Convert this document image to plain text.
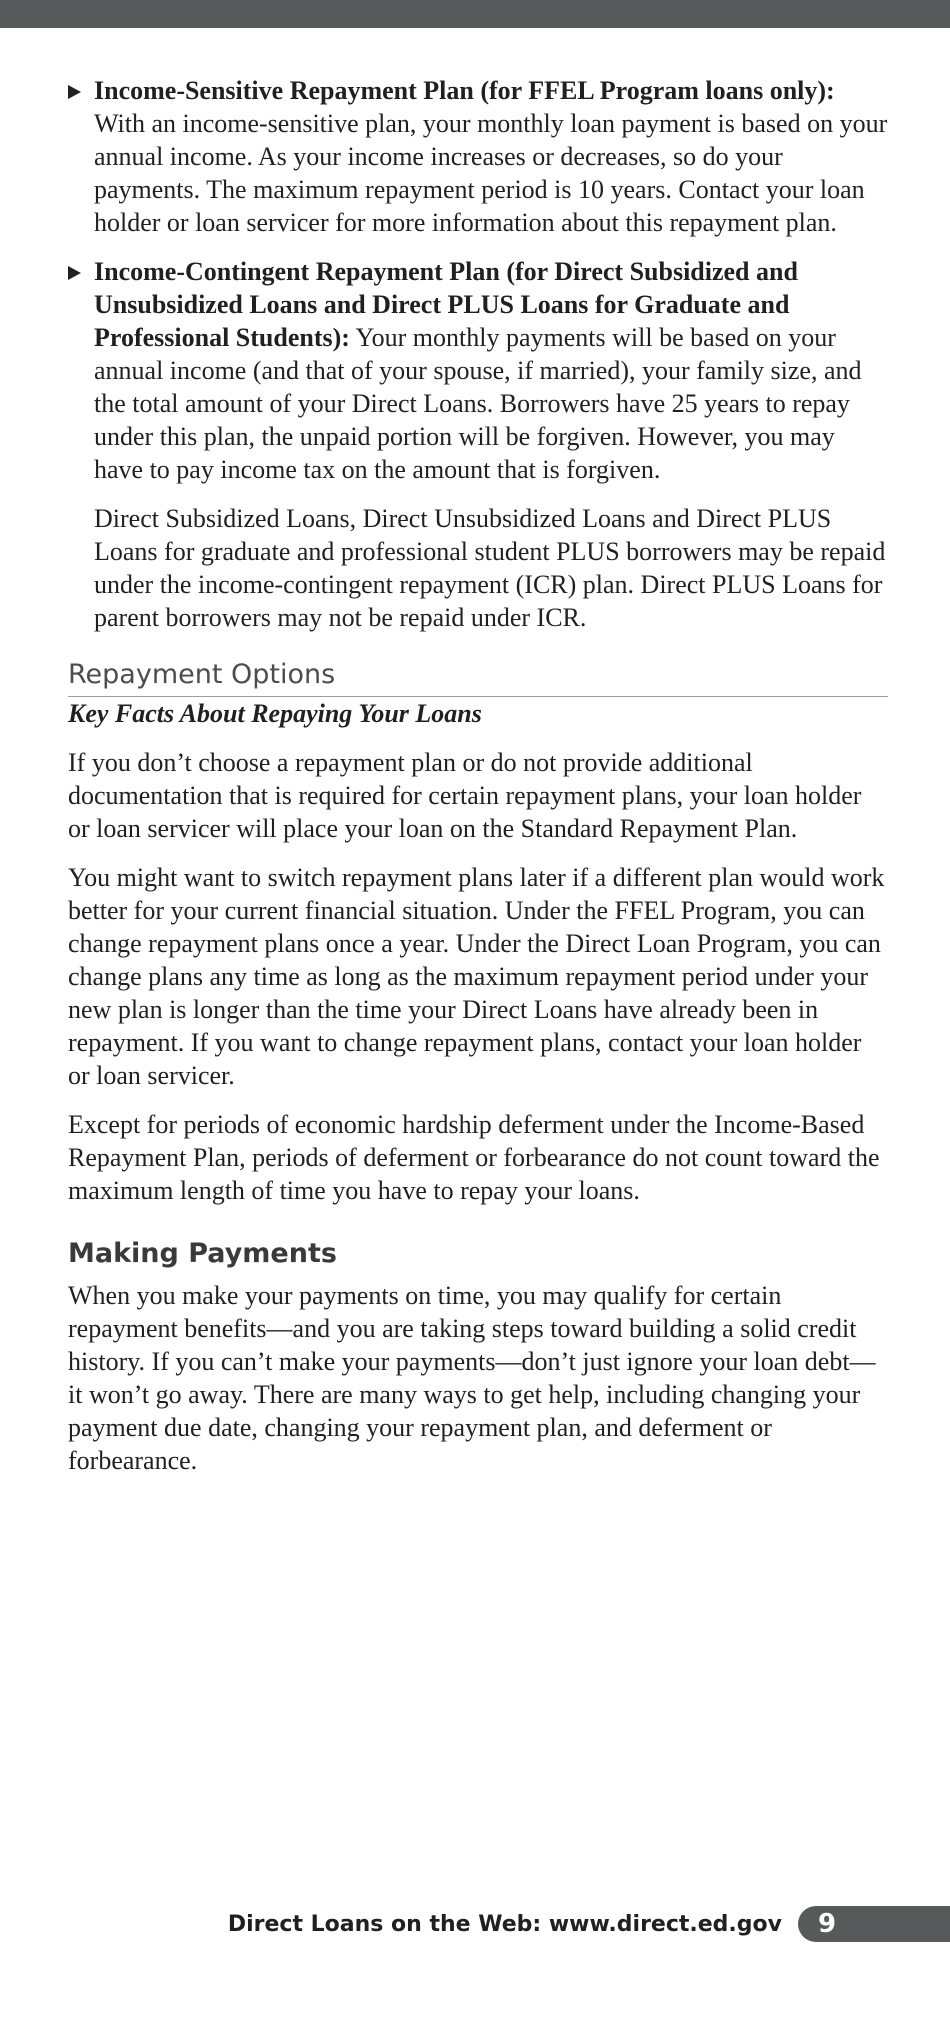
Income-Sensitive Repayment Plan (for FFEL Program loans only): With an income-sensitive plan, your monthly loan payment is based on your annual income. As your income increases or decreases, so do your payments. The maximum repayment period is 10 years. Contact your loan holder or loan servicer for more information about this repayment plan.
Income-Contingent Repayment Plan (for Direct Subsidized and Unsubsidized Loans and Direct PLUS Loans for Graduate and Professional Students): Your monthly payments will be based on your annual income (and that of your spouse, if married), your family size, and the total amount of your Direct Loans. Borrowers have 25 years to repay under this plan, the unpaid portion will be forgiven. However, you may have to pay income tax on the amount that is forgiven.

Direct Subsidized Loans, Direct Unsubsidized Loans and Direct PLUS Loans for graduate and professional student PLUS borrowers may be repaid under the income-contingent repayment (ICR) plan. Direct PLUS Loans for parent borrowers may not be repaid under ICR.

Repayment Options
Key Facts About Repaying Your Loans

If you don’t choose a repayment plan or do not provide additional documentation that is required for certain repayment plans, your loan holder or loan servicer will place your loan on the Standard Repayment Plan.

You might want to switch repayment plans later if a different plan would work better for your current financial situation. Under the FFEL Program, you can change repayment plans once a year. Under the Direct Loan Program, you can change plans any time as long as the maximum repayment period under your new plan is longer than the time your Direct Loans have already been in repayment. If you want to change repayment plans, contact your loan holder or loan servicer.

Except for periods of economic hardship deferment under the Income-Based Repayment Plan, periods of deferment or forbearance do not count toward the maximum length of time you have to repay your loans.

Making Payments

When you make your payments on time, you may qualify for certain repayment benefits—and you are taking steps toward building a solid credit history. If you can’t make your payments—don’t just ignore your loan debt—it won’t go away. There are many ways to get help, including changing your payment due date, changing your repayment plan, and deferment or forbearance.

Direct Loans on the Web: www.direct.ed.gov	9
